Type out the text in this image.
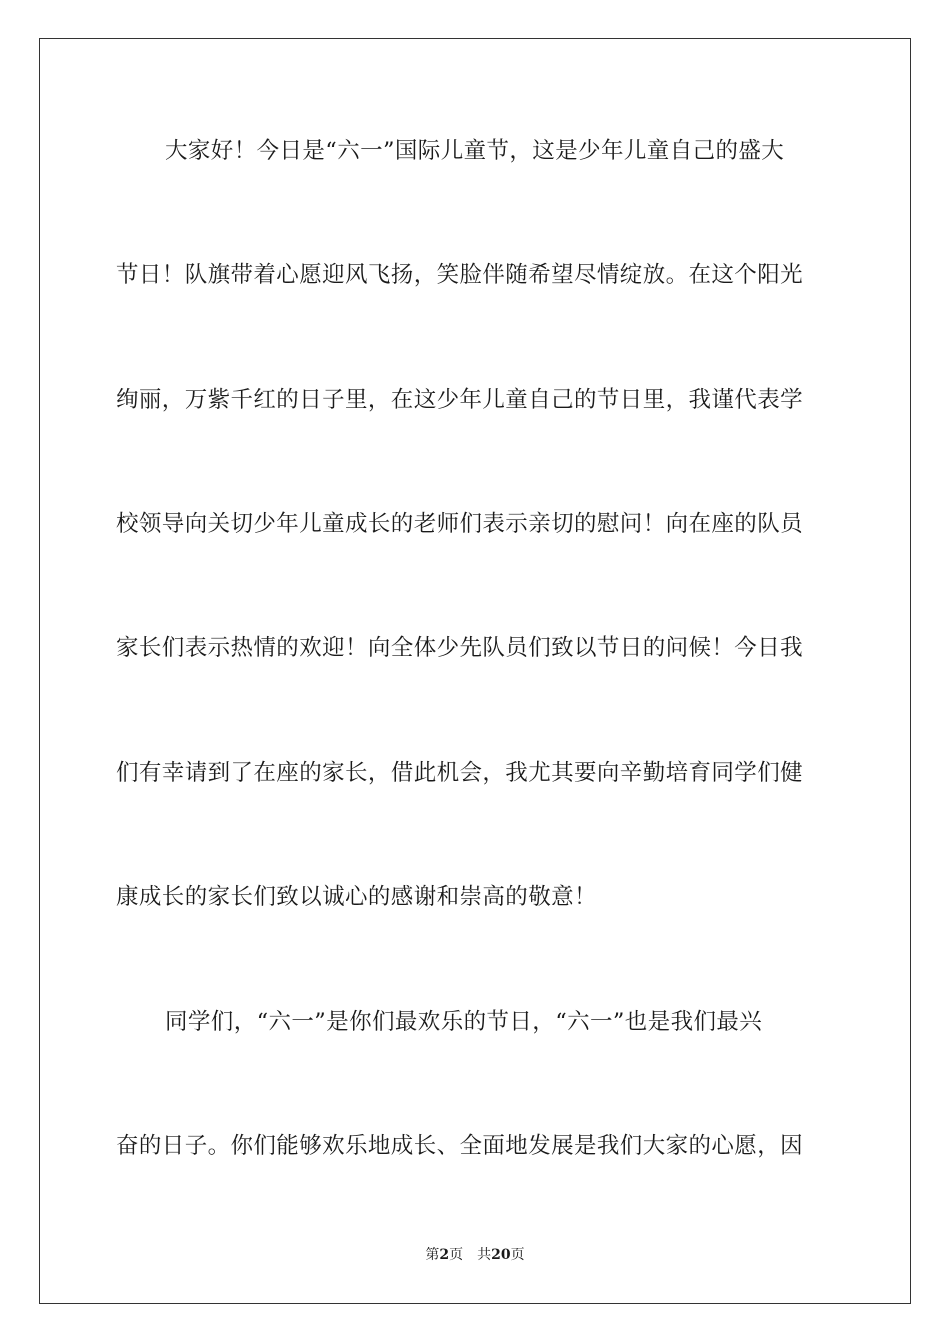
大家好！今日是“六一”国际儿童节，这是少年儿童自己的盛大
节日！队旗带着心愿迎风飞扬，笑脸伴随希望尽情绽放。在这个阳光
绚丽，万紫千红的日子里，在这少年儿童自己的节日里，我谨代表学
校领导向关切少年儿童成长的老师们表示亲切的慰问！向在座的队员
家长们表示热情的欢迎！向全体少先队员们致以节日的问候！今日我
们有幸请到了在座的家长，借此机会，我尤其要向辛勤培育同学们健
康成长的家长们致以诚心的感谢和崇高的敬意！
同学们，“六一”是你们最欢乐的节日，“六一”也是我们最兴
奋的日子。你们能够欢乐地成长、全面地发展是我们大家的心愿，因
第2页 共20页
